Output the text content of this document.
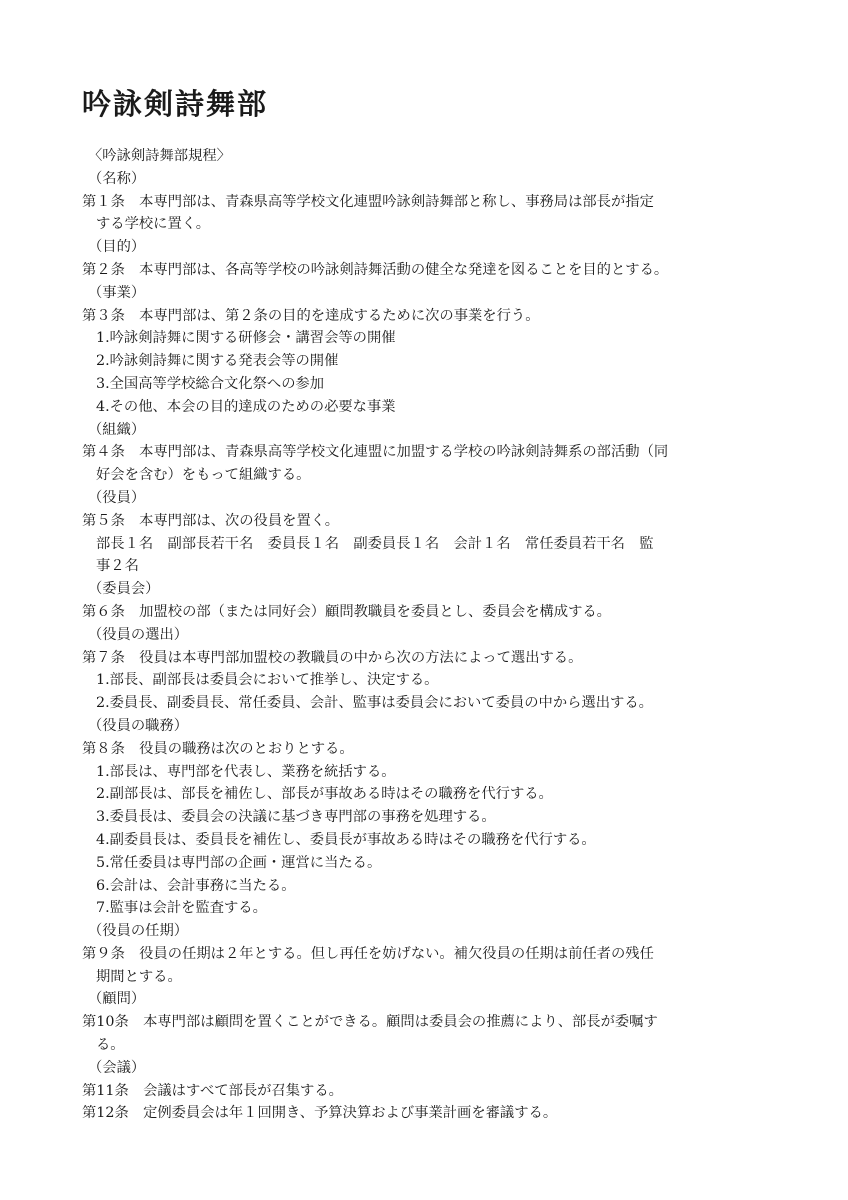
吟詠剣詩舞部
〈吟詠剣詩舞部規程〉
（名称）
第１条　本専門部は、青森県高等学校文化連盟吟詠剣詩舞部と称し、事務局は部長が指定
する学校に置く。
（目的）
第２条　本専門部は、各高等学校の吟詠剣詩舞活動の健全な発達を図ることを目的とする。
（事業）
第３条　本専門部は、第２条の目的を達成するために次の事業を行う。
1.吟詠剣詩舞に関する研修会・講習会等の開催
2.吟詠剣詩舞に関する発表会等の開催
3.全国高等学校総合文化祭への参加
4.その他、本会の目的達成のための必要な事業
（組織）
第４条　本専門部は、青森県高等学校文化連盟に加盟する学校の吟詠剣詩舞系の部活動（同
好会を含む）をもって組織する。
（役員）
第５条　本専門部は、次の役員を置く。
部長１名　副部長若干名　委員長１名　副委員長１名　会計１名　常任委員若干名　監
事２名
（委員会）
第６条　加盟校の部（または同好会）顧問教職員を委員とし、委員会を構成する。
（役員の選出）
第７条　役員は本専門部加盟校の教職員の中から次の方法によって選出する。
1.部長、副部長は委員会において推挙し、決定する。
2.委員長、副委員長、常任委員、会計、監事は委員会において委員の中から選出する。
（役員の職務）
第８条　役員の職務は次のとおりとする。
1.部長は、専門部を代表し、業務を統括する。
2.副部長は、部長を補佐し、部長が事故ある時はその職務を代行する。
3.委員長は、委員会の決議に基づき専門部の事務を処理する。
4.副委員長は、委員長を補佐し、委員長が事故ある時はその職務を代行する。
5.常任委員は専門部の企画・運営に当たる。
6.会計は、会計事務に当たる。
7.監事は会計を監査する。
（役員の任期）
第９条　役員の任期は２年とする。但し再任を妨げない。補欠役員の任期は前任者の残任
期間とする。
（顧問）
第10条　本専門部は顧問を置くことができる。顧問は委員会の推薦により、部長が委嘱す
る。
（会議）
第11条　会議はすべて部長が召集する。
第12条　定例委員会は年１回開き、予算決算および事業計画を審議する。
